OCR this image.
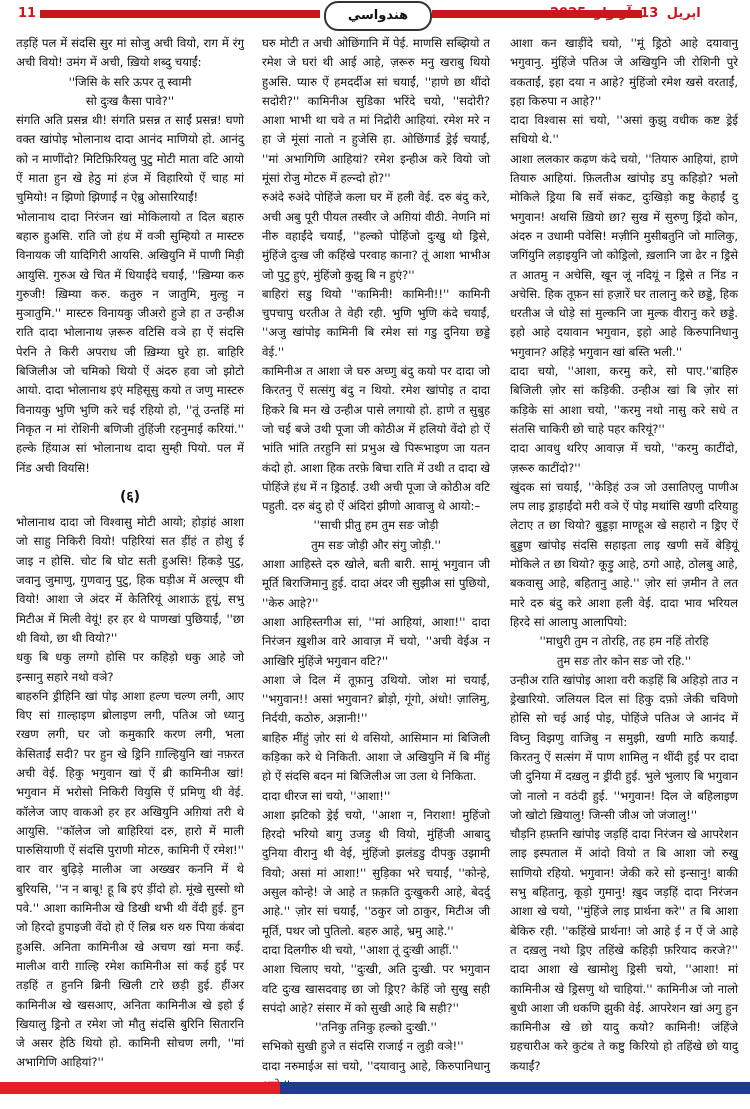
11	هندواسي	2025	اپريل 13 آرتوار

तड़हिं पल में संदसि सुर मां सोजु अची वियो, राग में रंगु अची वियो! उमंग में अची, ख़ियो शब्दु चयाईं:

''जिसि के सरि ऊपर तू स्वामी

सो दुःख कैसा पावे?''

संगति अति प्रसन्न थी! संगति प्रसन्न त साईं प्रसन्न! घणो वक्त खांपोइ भोलानाथ दादा आनंद माणियो हो. आनंदु को न माणींदो? मिटिफ़िरियलु पुटु मोटी माता वटि आयो ऐं माता हुन खे हेठु मां हंज में विहारियो ऐं चाह मां चुमियो! न झिणो झिणाईं न ऐब्रु ओसारियाईं!

भोलानाथ दादा निरंजन खां मोकिलायो त दिल बहारु बहारु हुअसि. राति जो हंध में वञी सुम्हियो त मास्टरु विनायक जी यादिगिरी आयसि. अखियुनि में पाणी मिड़ी आयुसि. गुरुअ खे चित में धियाईंदे चयाईं, ''ख़िम्या करु गुरुजी! ख़िम्या करु. कतुरु न जातुमि, मुल्हु न मुञातुमि.'' मास्टरु विनायकु जीअरो हुजे हा त उन्हीअ राति दादा भोलानाथ ज़रूरु वटिसि वञे हा ऐं संदसि पेरनि ते किरी अपराध जी ख़िम्या घुरे हा. बाहिरि बिजिलीअ जो चमिको थियो ऐं अंदरु हवा जो झोटो आयो. दादा भोलानाथ इएं महिसूसु कयो त जणु मास्टरु विनायकु भुणि भुणि करे चई रहियो हो, ''तूं उन्तहिं मां निकृत न मां रोशिनी बणिजी तुंहिंजी रहनुमाई करियां.'' हल्के हिंयाअ सां भोलानाथ दादा सुम्ही पियो. पल में निंड अची वियसि!

(६)

भोलानाथ दादा जो विश्वासु मोटी आयो; होड़ांहं आशा जो साहु निकिरी वियो! पहिरियां सत ड़ींहं त होशु ई जाइ न होसि. चोट बि घोट सती हुअसि! हिकड़े पुटु, जवानु जुमाणु, गुणवानु पुटु, हिक घड़ीअ में अल्लूप थी वियो! आशा जे अंदर में केतिरियूं आशाऊं हूयूं, सभु मिटीअ में मिली वेयूं! हर हर थे पाणखां पुछियाईं, ''छा थी वियो, छा थी वियो?''

धकु बि धकु लग्गो होसि पर कहिड़ो धकु आहे जो इन्सानु सहारे नथो वञे?

बाहरुनि ड्रीहिनि खां पोइ आशा हल्ण चल्ण लगी, आए विए सां ग़ाल्हाइण ब्रोलाइण लगी, पतिअ जो ध्यानु रखण लगी, घर जो कमुकारि करण लगी, भला केसिताईं सदी? पर हुन खे ड्रिनि ग़ाल्हियुनि खां नफ़रत अची वेई. हिकु भगुवान खां ऐं ब्री कामिनीअ खां! भगुवान में भरोसो निकिरी वियुसि ऐं प्रमिणु थी वेई. कॉलेज जाए वाकओ हर हर अखियुनि अग़ियां तरी थे आयुसि. ''कॉलेज जो बाहिरियां दरु, हारो में माली पारुसियाणी ऐं संदसि पुराणी मोटरु, कामिनी ऐं रमेश!'' वार वार बुढ़िड़े मालीअ जा अख्खर कननि में थे बुरियसि, ''न न बाबू! हू बि इएं ड़ींदो हो. मूंखे सुस्सो थो पवे.'' आशा कामिनीअ खे डिखी थभी थी वेंदी हुई. हुन जो हिरदो हुपाइजी वेंदो हो ऐं लिब्र थरु थरु पिया कंबंदा हुअसि. अनिता कामिनीअ खे अचण खां मना कई. मालीअ वारी ग़ाल्हि रमेश कामिनीअ सां कई हुई पर तड़हिं त हुननि ब्रिनी खिली टारे छड़ी हुई. हींअर कामिनीअ खे खसआए, अनिता कामिनीअ खे इहो ई खि़यालु ड्रिनो त रमेश जो मौतु संदसि बुरिनि सितारनि जे असर हेठि थियो हो. कामिनी सोचण लगी, ''मां अभागिणि आहियां?''

घरु मोटी त अची ओछिंगानि में पेई. माणसि सब्झियो त रमेश जे घरां थी आई आहे, ज़रूरु मनु खराबु थियो हुअसि. प्यारु ऐं हमदर्दीअ सां चयाईं, ''हाणे छा थींदो सदोरी?'' कामिनीअ सुडिका भरिंदे चयो, ''सदोरी? आशा भाभी था चवे त मां निद्रोरी आहियां. रमेश मरे न हा जे मूंसां नातो न हुजेसि हा. ओछिंगार्ड ड्रेई चयाईं, ''मां अभागिणि आहियां? रमेश इन्हीअ करे वियो जो मूंसां रोजु मोटरु में हल्न्दो हो?''

रुअंदे रुअंदे पोहिंजे कला घर में हली वेई. दरु बंदु करे, अची अबु पूरी पीयल तस्वीर जे अग़ियां वीठी. नेणनि मां नीरु वहाईंदे चयाईं, ''हल्को पोहिंजो दुःखु थो ड्रिसे, मुंहिंजे दुःख जी कहिंखे परवाह काना? तूं आशा भाभीअ जो पुटु हुएं, मुंहिंजो कुझु बि न हुएं?''

बाहिरां सडु थियो ''कामिनी! कामिनी!!'' कामिनी चुपचापु धरतीअ ते वेही रही. भुणि भुणि कंदे चयाईं, ''अजु खांपोइ कामिनी बि रमेश सां गडु दुनिया छड्डे वेई.''

कामिनीअ त आशा जे घरु अच्णु बंदु कयो पर दादा जो किरतनु ऐं सत्संगु बंदु न थियो. रमेश खांपोइ त दादा हिकरे बि मन खे उन्हीअ पासे लगायो हो. हाणे त सुबुह जो चई बजे उथी पूजा जी कोठीअ में हलियो वेंदो हो ऐं भांति भांति तरहुनि सां प्रभुअ खे पिरूभाइण जा यतन कंदो हो. आशा हिक तरफ़े बिचा राति में उथी त दादा खे पोहिंजे हंध में न ड्रिठाईं. उथी अची पूजा जे कोठीअ वटि पहुती. दरु बंदु हो ऐं अंदिरां झीणो आवाजु थे आयो:–

''साची प्रीतु हम तुम सङ जोड़ी

तुम सङ जोड़ी और संगु जोड़ी.''

आशा आहिस्ते दरु खोले, बती बारी. सामूं भगुवान जी मूर्ति बिराजिमानु हुई. दादा अंदर जी सुझीअ सां पुछियो, ''केरु आहे?''

आशा आहिस्तगीअ सां, ''मां आहियां, आशा!'' दादा निरंजन ख़ुशीअ वारे आवाज़ में चयो, ''अची वेईअ न आखिरि मुंहिंजे भगुवान वटि?''

आशा जे दिल में तूफ़ानु उथियो. जोश मां चयाईं, ''भगुवान!! असां भगुवान? ब्रोड़ो, गूंगो, अंधो! ज़ालिमु, निर्दयी, कठोरु, अज्ञानी!''

बाहिरु मींहुं ज़ोर सां थे वसियो, आसिमान मां बिजिली कड़िका करे थे निकिती. आशा जे अखियुनि में बि मींहुं हो ऐं संदसि बदन मां बिजिलीअ जा उला थे निकिता.

दादा धीरज सां चयो, ''आशा!''

आशा झटिको ड्रेई चयो, ''आशा न, निराशा! मुहिंजो हिरदो भरियो बागु उजड़ु थी वियो, मुंहिंजी आबादु दुनिया वीरानु थी वेई, मुंहिंजो झलंडडु दीपकु उझामी वियो; असां मां आशा!'' सुड़िका भरे चयाईं, ''कोन्हे, असुल कोन्हे! जे आहे त फ़क़ति दुःखुकरी आहे, बेदर्दु आहे.'' ज़ोर सां चयाईं, ''ठकुर जो ठाकुर, मिटीअ जी मूर्ति, पथर जो पुतिलो. बहरु आहे, भ्रमु आहे.''

दादा दिलगीरु थी चयो, ''आशा तूं दुःखी आहीं.''

आशा चिलाए चयो, ''दुःखी, अति दुःखी. पर भगुवान वटि दुःख खासदवाइ छा जो ड्रिए? केहिं जो सुखु सही सपंदो आहे? संसार में को सुखी आहे बि सही?''

''तनिकु तनिकु हल्को दुःखी.''

सभिको सुखी हुजे त संदसि राजाई न लुड़ी वञे!''

दादा नरुमाईअ सां चयो, ''दयावानु आहे, किरुपानिधानु

आशा कन खाड़ींदे चयो, ''मूं ड्रिठो आहे दयावानु भगुवानु. मुंहिंजे पतिअ जे अखियुनि जी रोशिनी पुरे वकताईं, इहा दया न आहे? मुंहिंजो रमेश खसे वरताईं, इहा किरुपा न आहे?''

दादा विश्वास सां चयो, ''असां कुझु वधीक कष्ट ड्रेई सधियो थे.''

आशा ललकार कढ़ण कंदे चयो, ''तियारु आहियां, हाणे तियारु आहियां. फ़िलतीअ खांपोइ डपु कहिड़ो? भलो मोकिले ड्रिया बि सर्वे संकट, दुःखिड़ो कष्टु केहाईं दु भगुवान! अथसि ख़ियो छा? सुख में सुरुणु ड्रिंदो कोन, अंदरु न उधामी पवेसि! मज़ीनि मुसीबतुनि जो मालिकु, जगिंयुनि लड़ाइयुनि जो कोड्रिलो, ख़लानि जा ढेर न ड्रिसे त आतमु न अचेसि, खून जूं नदियूं न ड्रिसे त निंड न अचेसि. हिक तूफ़न सां हज़ारें घर तालानु करे छड्डे, हिक धरतीअ जे धोड़े सां मुल्कनि जा मुल्क वीरानु करे छड्डे. इहो आहे दयावान भगुवान, इहो आहे किरुपानिधानु भगुवान? अहिड़े भगुवान खां बस्ति भली.''

दादा चयो, ''आशा, करमु करे, सो पाए.''बाहिरु बिजिली ज़ोर सां कड़िकी. उन्हीअ खां बि ज़ोर सां कड़िके सां आशा चयो, ''करमु नथो नासु करे सधे त संतसि चाकिरी छो चाहे पहर करियूं?''

दादा आवधु थरिए आवाज़ में चयो, ''करमु काटींदो, ज़रूरु काटींदो?''

खुंदक सां चयाईं, ''केड़िहं उञ जो उसातिएलु पाणीअ लप लाइ ड्राड़ाईंदो मरी वञे ऐं पोइ मथांसि खणी दरियाहु लेटाए त छा थियो? बुड्डड़ा माण्हूअ खे सहारो न ड्रिए ऐं बुड्डण खांपोइ संदसि सहाइता लाइ खणी सवें बेड़ियूं मोकिले त छा थियो? कूड़ु आहे, ठगो आहे, ठोलबु आहे, बकवासु आहे, बहितानु आहे.'' ज़ोर सां ज़मीन ते लत मारे दरु बंदु करे आशा हली वेई. दादा भाव भरियल हिरदे सां आलापु आलापियो:

''माधुरी तुम न तोरहि, तह हम नहिं तोरहि

तुम सङ तोर कोन सङ जो रहि.''

उन्हीअ राति खांपोइ आशा वरी कड़हिं बि अहिड़ो ताउ न ड्रेखारियो. जलियल दिल सां हिकु दफ़ो जेकी चविणो होसि सो चई आई पोइ, पोहिंजे पतिअ जे आनंद में विघ्नु विझणु वाजिबु न समुझी, खणी माठि कयाईं. किरतनु ऐं सत्संग में पाण शामिलु न थींदी हुई पर दादा जी दुनिया में दख़लु न ड्रींदी हुई. भुले भुलाए बि भगुवान जो नालो न वठंदी हुई. ''भगुवान! दिल जे बहिलाइण जो खोटो ख़ियालु! जिन्सी जीअ जो जंजालु!''

चौड़नि हफ़्तनि खांपोइ जड़हिं दादा निरंजन खे आपरेशन लाइ इस्पताल में आंदो वियो त बि आशा जो रुखु साणियो रहियो. भगुवान! जेकी करे सो इन्सानु! बाकी सभु बहितानु, कूड़ो गुमानु! ख़ुद जड़हिं दादा निरंजन आशा खे चयो, ''मुंहिंजे लाइ प्रार्थना करे'' त बि आशा बेकिरु रही. ''कहिंखे प्रार्थना! जो आहे ई न ऐं जे आहे त दख़लु नथो ड्रिए तहिंखे कहिड़ी फ़रियाद करजे?'' दादा आशा खे खामोशु ड्रिसी चयो, ''आशा! मां कामिनीअ खे ड्रिसणु थो चाहियां.'' कामिनीअ जो नालो बुधी आशा जी धकणि झुकी वेई. आपरेशन खां अगु हुन कामिनीअ खे छो यादु कयो? कामिनी! जंहिंजे ग्रहचारीअ करे कुटंब ते कष्टु किरियो हो तहिंखे छो यादु कयाईं?
